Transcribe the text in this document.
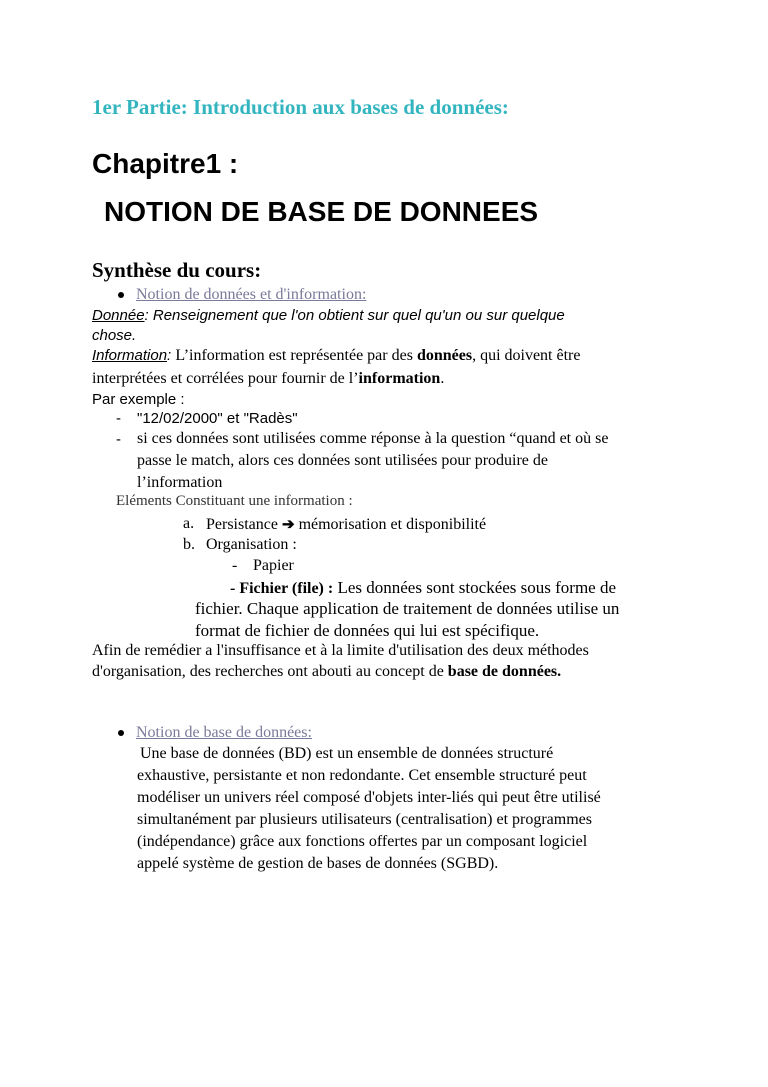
1er Partie: Introduction aux bases de données:
Chapitre1 :
NOTION DE BASE DE DONNEES
Synthèse du cours:
Notion de données et d'information:
Donnée: Renseignement que l'on obtient sur quel qu'un ou sur quelque
chose.
Information: L’information est représentée par des données, qui doivent être
interprétées et corrélées pour fournir de l’information.
Par exemple :
- "12/02/2000" et "Radès"
- si ces données sont utilisées comme réponse à la question “quand et où se
passe le match, alors ces données sont utilisées pour produire de
l’information
Eléments Constituant une information :
a. Persistance ➔ mémorisation et disponibilité
b. Organisation :
- Papier
- Fichier (file) : Les données sont stockées sous forme de
fichier. Chaque application de traitement de données utilise un
format de fichier de données qui lui est spécifique.
Afin de remédier a l'insuffisance et à la limite d'utilisation des deux méthodes
d'organisation, des recherches ont abouti au concept de base de données.
Notion de base de données:
Une base de données (BD) est un ensemble de données structuré
exhaustive, persistante et non redondante. Cet ensemble structuré peut
modéliser un univers réel composé d'objets inter-liés qui peut être utilisé
simultanément par plusieurs utilisateurs (centralisation) et programmes
(indépendance) grâce aux fonctions offertes par un composant logiciel
appelé système de gestion de bases de données (SGBD).
